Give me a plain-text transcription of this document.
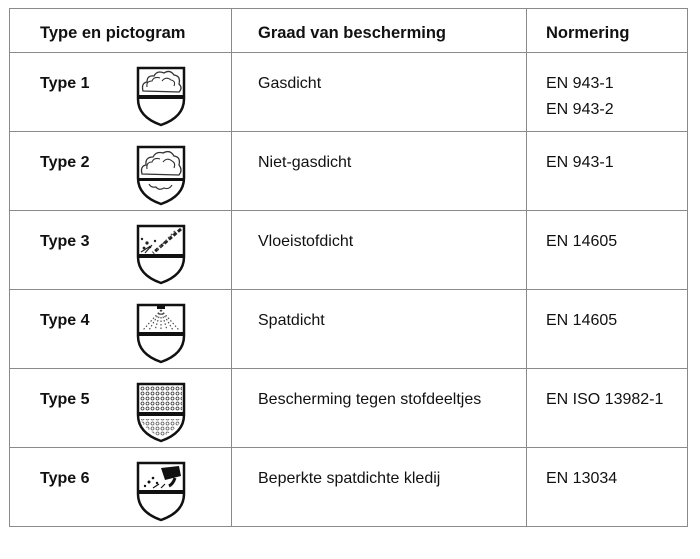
Type en pictogram	Graad van bescherming	Normering
Type 1	Gasdicht	EN 943-1
EN 943-2

Type 2	Niet-gasdicht	EN 943-1

Type 3	Vloeistofdicht	EN 14605

Type 4	Spatdicht	EN 14605

Type 5	Bescherming tegen stofdeeltjes	EN ISO 13982-1

Type 6	Beperkte spatdichte kledij	EN 13034
